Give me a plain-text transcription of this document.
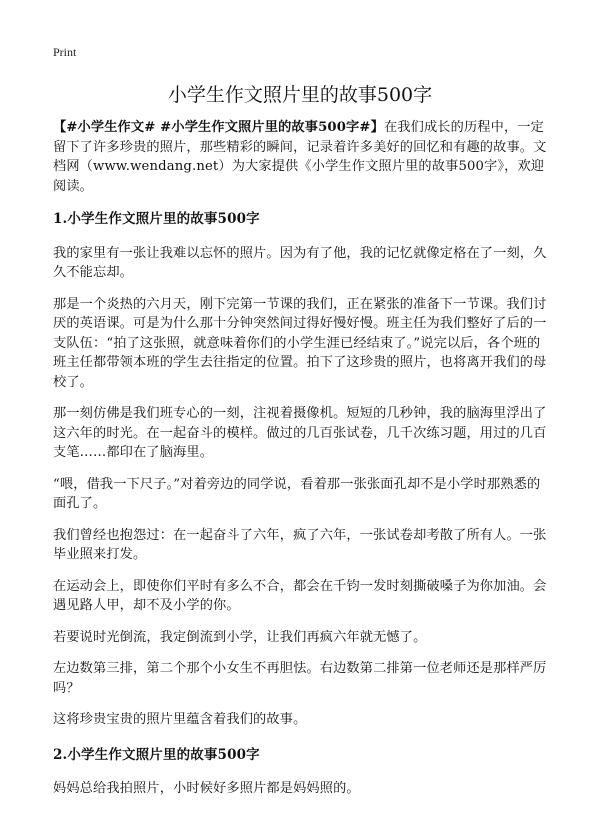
Print
小学生作文照片里的故事500字

【#小学生作文# #小学生作文照片里的故事500字#】在我们成长的历程中，一定留下了许多珍贵的照片，那些精彩的瞬间，记录着许多美好的回忆和有趣的故事。文档网（www.wendang.net）为大家提供《小学生作文照片里的故事500字》，欢迎阅读。

1.小学生作文照片里的故事500字

我的家里有一张让我难以忘怀的照片。因为有了他，我的记忆就像定格在了一刻，久久不能忘却。

那是一个炎热的六月天，刚下完第一节课的我们，正在紧张的准备下一节课。我们讨厌的英语课。可是为什么那十分钟突然间过得好慢好慢。班主任为我们整好了后的一支队伍：“拍了这张照，就意味着你们的小学生涯已经结束了。”说完以后，各个班的班主任都带领本班的学生去往指定的位置。拍下了这珍贵的照片，也将离开我们的母校了。

那一刻仿佛是我们班专心的一刻，注视着摄像机。短短的几秒钟，我的脑海里浮出了这六年的时光。在一起奋斗的模样。做过的几百张试卷，几千次练习题，用过的几百支笔……都印在了脑海里。

“喂，借我一下尺子。”对着旁边的同学说，看着那一张张面孔却不是小学时那熟悉的面孔了。

我们曾经也抱怨过：在一起奋斗了六年，疯了六年，一张试卷却考散了所有人。一张毕业照来打发。

在运动会上，即使你们平时有多么不合，都会在千钧一发时刻撕破嗓子为你加油。会遇见路人甲，却不及小学的你。

若要说时光倒流，我定倒流到小学，让我们再疯六年就无憾了。

左边数第三排，第二个那个小女生不再胆怯。右边数第二排第一位老师还是那样严厉吗？

这将珍贵宝贵的照片里蕴含着我们的故事。

2.小学生作文照片里的故事500字

妈妈总给我拍照片，小时候好多照片都是妈妈照的。
